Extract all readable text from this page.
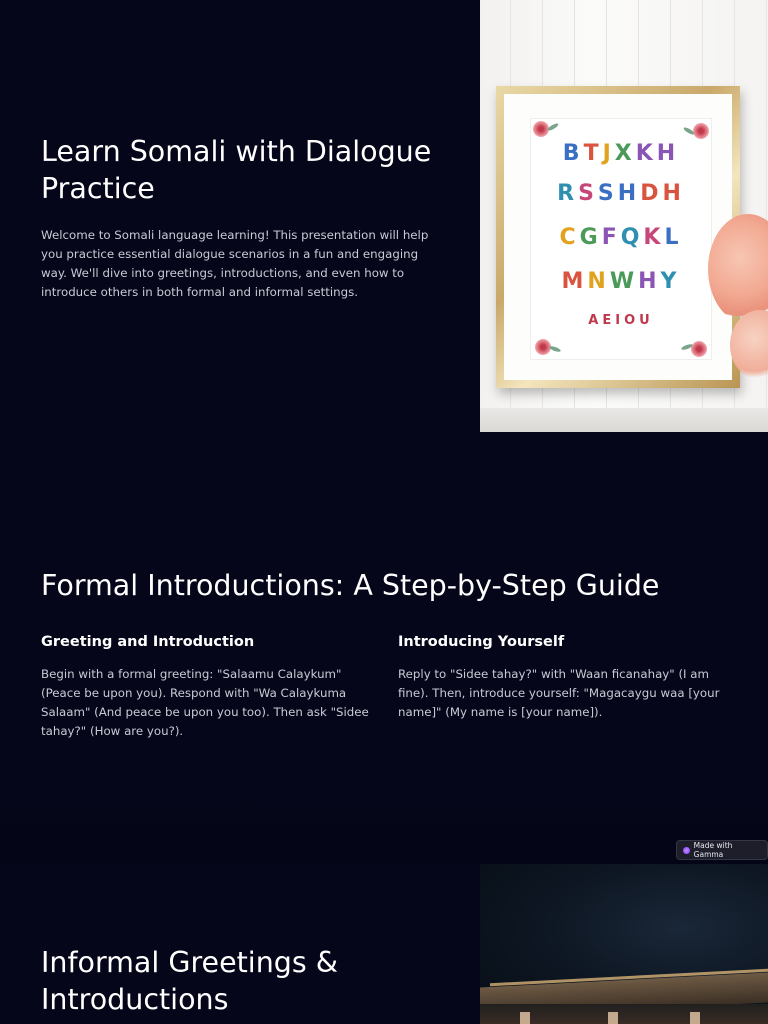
Learn Somali with Dialogue Practice

Welcome to Somali language learning! This presentation will help you practice essential dialogue scenarios in a fun and engaging way. We'll dive into greetings, introductions, and even how to introduce others in both formal and informal settings.

BTJXKH
RSSHDH
CGFQKL
MNWHY
AEIOU
Formal Introductions: A Step-by-Step Guide
Greeting and Introduction

Begin with a formal greeting: "Salaamu Calaykum" (Peace be upon you). Respond with "Wa Calaykuma Salaam" (And peace be upon you too). Then ask "Sidee tahay?" (How are you?).

Introducing Yourself

Reply to "Sidee tahay?" with "Waan ficanahay" (I am fine). Then, introduce yourself: "Magacaygu waa [your name]" (My name is [your name]).

Made with Gamma
Informal Greetings & Introductions
